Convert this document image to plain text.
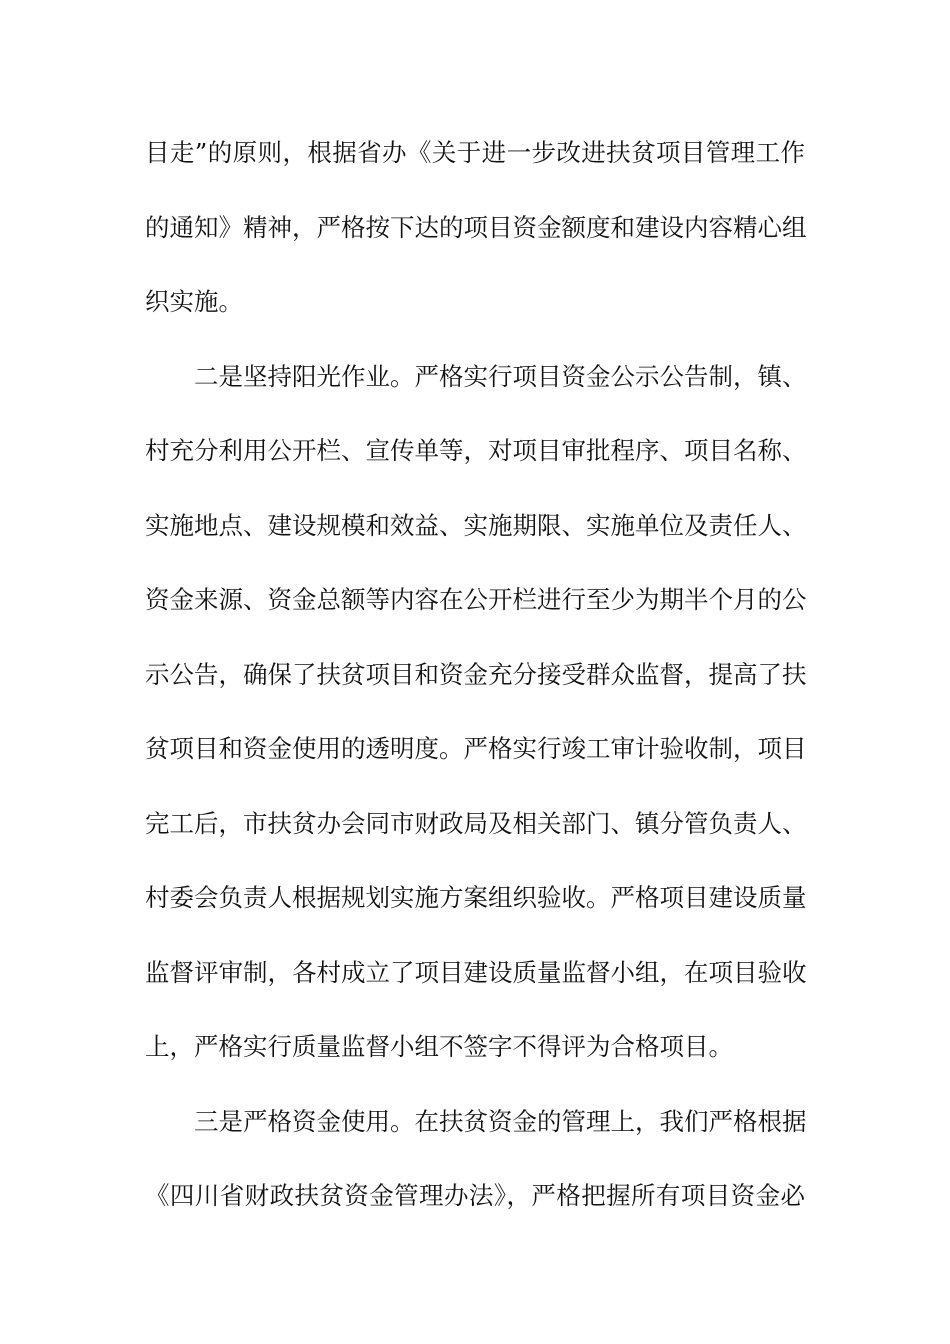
目走”的原则，根据省办《关于进一步改进扶贫项目管理工作
的通知》精神，严格按下达的项目资金额度和建设内容精心组
织实施。
二是坚持阳光作业。严格实行项目资金公示公告制，镇、
村充分利用公开栏、宣传单等，对项目审批程序、项目名称、
实施地点、建设规模和效益、实施期限、实施单位及责任人、
资金来源、资金总额等内容在公开栏进行至少为期半个月的公
示公告，确保了扶贫项目和资金充分接受群众监督，提高了扶
贫项目和资金使用的透明度。严格实行竣工审计验收制，项目
完工后，市扶贫办会同市财政局及相关部门、镇分管负责人、
村委会负责人根据规划实施方案组织验收。严格项目建设质量
监督评审制，各村成立了项目建设质量监督小组，在项目验收
上，严格实行质量监督小组不签字不得评为合格项目。
三是严格资金使用。在扶贫资金的管理上，我们严格根据
《四川省财政扶贫资金管理办法》，严格把握所有项目资金必
